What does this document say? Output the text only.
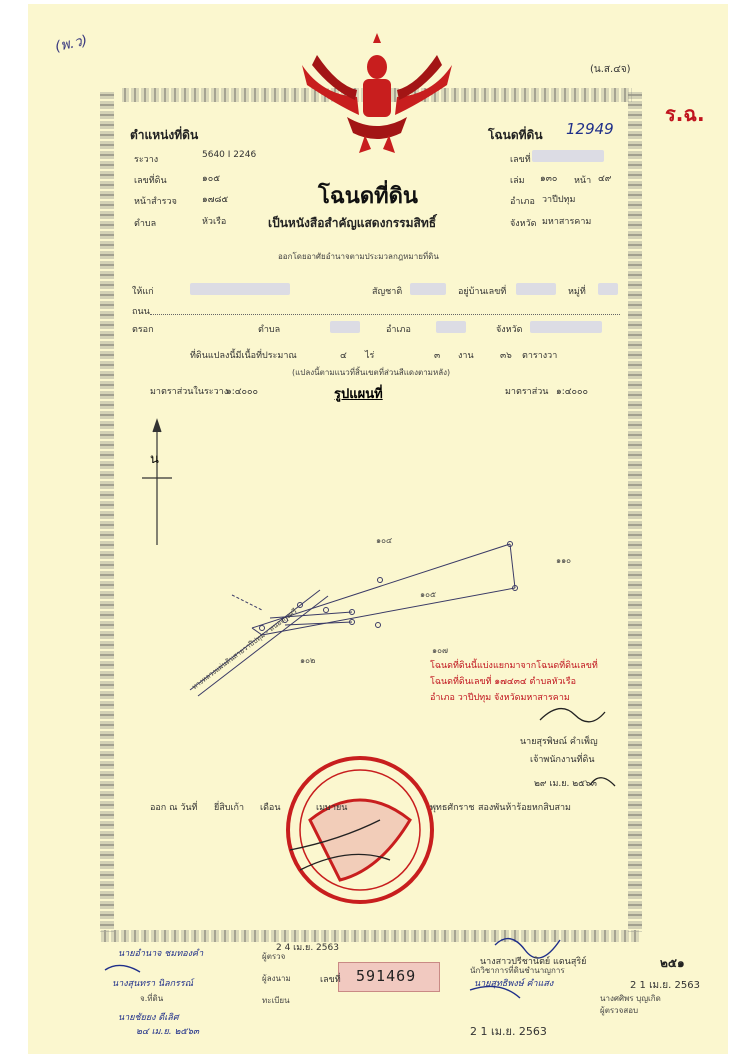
(พ.ว)
(น.ส.๔จ)
ร.ฉ.
ตำแหน่งที่ดิน	โฉนดที่ดิน 12949
ระวาง	5640 I 2246
เลขที่ดิน	๑๐๕
หน้าสำรวจ	๑๗๘๕
ตำบล	หัวเรือ
เลขที่
เล่ม ๑๓๐ หน้า ๔๙
อำเภอ วาปีปทุม
จังหวัด มหาสารคาม
โฉนดที่ดิน
เป็นหนังสือสำคัญแสดงกรรมสิทธิ์
ออกโดยอาศัยอำนาจตามประมวลกฎหมายที่ดิน
ให้แก่	สัญชาติ	อยู่บ้านเลขที่	หมู่ที่
ถนน
ตรอก	ตำบล	อำเภอ	จังหวัด
ที่ดินแปลงนี้มีเนื้อที่ประมาณ	๔ ไร่	๓ งาน	๓๖ ตารางวา
(แปลงนี้ตามแนวที่สิ้นเขตที่ส่วนสีแดงตามหลัง)
มาตราส่วนในระวาง
๑:๔๐๐๐	รูปแผนที่	มาตราส่วน ๑:๔๐๐๐
น
๑๐๔
๑๑๐
๑๐๕
๑๐๒
๑๐๗
ทางหลวงแผ่นดินสายวาปีปทุม - หนองกุงศรี	โฉนดที่ดินนี้แบ่งแยกมาจากโฉนดที่ดินเลขที่
โฉนดที่ดินเลขที่ ๑๗๔๓๔ ตำบลหัวเรือ
อำเภอ วาปีปทุม จังหวัดมหาสารคาม
นายสุรพิษณ์ คำเพ็ญ
เจ้าพนักงานที่ดิน
๒๙ เม.ย. ๒๕๖๓
ออก ณ วันที่ ยี่สิบเก้า เดือน	เมษายน	พุทธศักราช สองพันห้าร้อยหกสิบสาม
นายอำนาจ ชมทองคำ
2 4 เม.ย. 2563
นางสุนทรา นิลกรรณ์
จ.ที่ดิน
นายชัยยง ดีเลิศ
๒๔ เม.ย. ๒๕๖๓
ผู้ตรวจ
ผู้ลงนาม
ทะเบียน
เลขที่ 591469
นางสาวปรีชานิตย์ แดนสุริย์
นักวิชาการที่ดินชำนาญการ
นายสุทธิพงษ์ คำแสง
2 1 เม.ย. 2563
2 1 เม.ย. 2563
นางศศิพร บุญเกิด
ผู้ตรวจสอบ
๒๕๑
